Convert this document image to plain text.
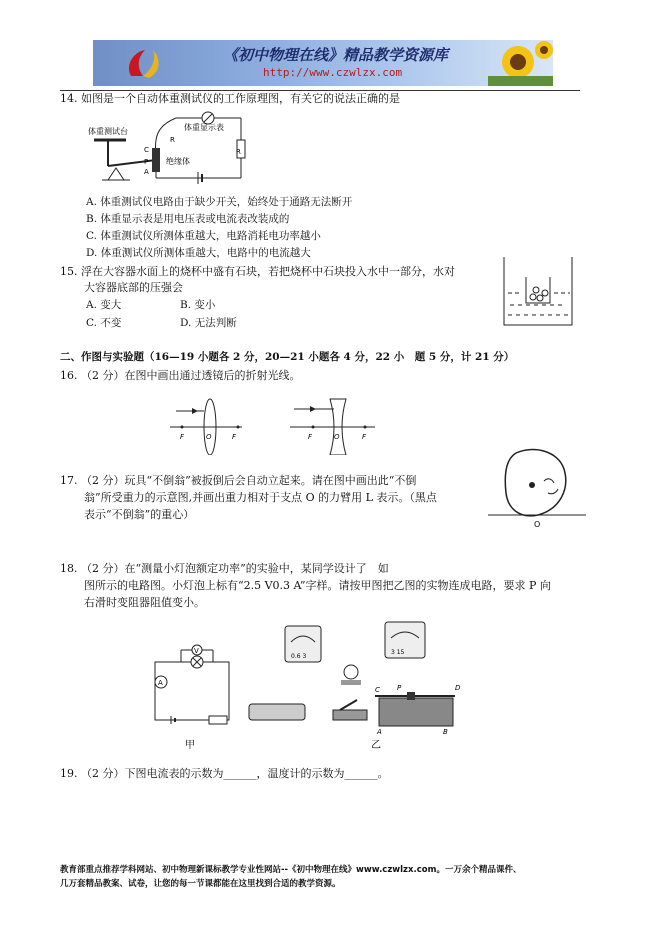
《初中物理在线》精品教学资源库
http://www.czwlzx.com
14. 如图是一个自动体重测试仪的工作原理图，有关它的说法正确的是
体重测试台	体重显示表
R
R
绝缘体
C
P
A
A. 体重测试仪电路由于缺少开关，始终处于通路无法断开
B. 体重显示表是用电压表或电流表改装成的
C. 体重测试仪所测体重越大，电路消耗电功率越小
D. 体重测试仪所测体重越大，电路中的电流越大
15. 浮在大容器水面上的烧杯中盛有石块，若把烧杯中石块投入水中一部分，水对
大容器底部的压强会
A. 变大	B. 变小
C. 不变	D. 无法判断
二、作图与实验题（16—19 小题各 2 分，20—21 小题各 4 分，22 小　题 5 分，计 21 分）
16. （2 分）在图中画出通过透镜后的折射光线。
F	O	F	F	O	F
17. （2 分）玩具“不倒翁”被扳倒后会自动立起来。请在图中画出此“不倒
翁”所受重力的示意图,并画出重力相对于支点 O 的力臂用 L 表示。（黑点
表示“不倒翁”的重心）
O
18. （2 分）在“测量小灯泡额定功率”的实验中，某同学设计了　如
图所示的电路图。小灯泡上标有“2.5 V0.3 A”字样。请按甲图把乙图的实物连成电路，要求 P 向
右滑时变阻器阻值变小。
A
V
甲
0.6 3
3 15
C P	D
A	B
乙
19. （2 分）下图电流表的示数为______，温度计的示数为______。
教育部重点推荐学科网站、初中物理新课标教学专业性网站--《初中物理在线》www.czwlzx.com。一万余个精品课件、
几万套精品教案、试卷，让您的每一节课都能在这里找到合适的教学资源。
